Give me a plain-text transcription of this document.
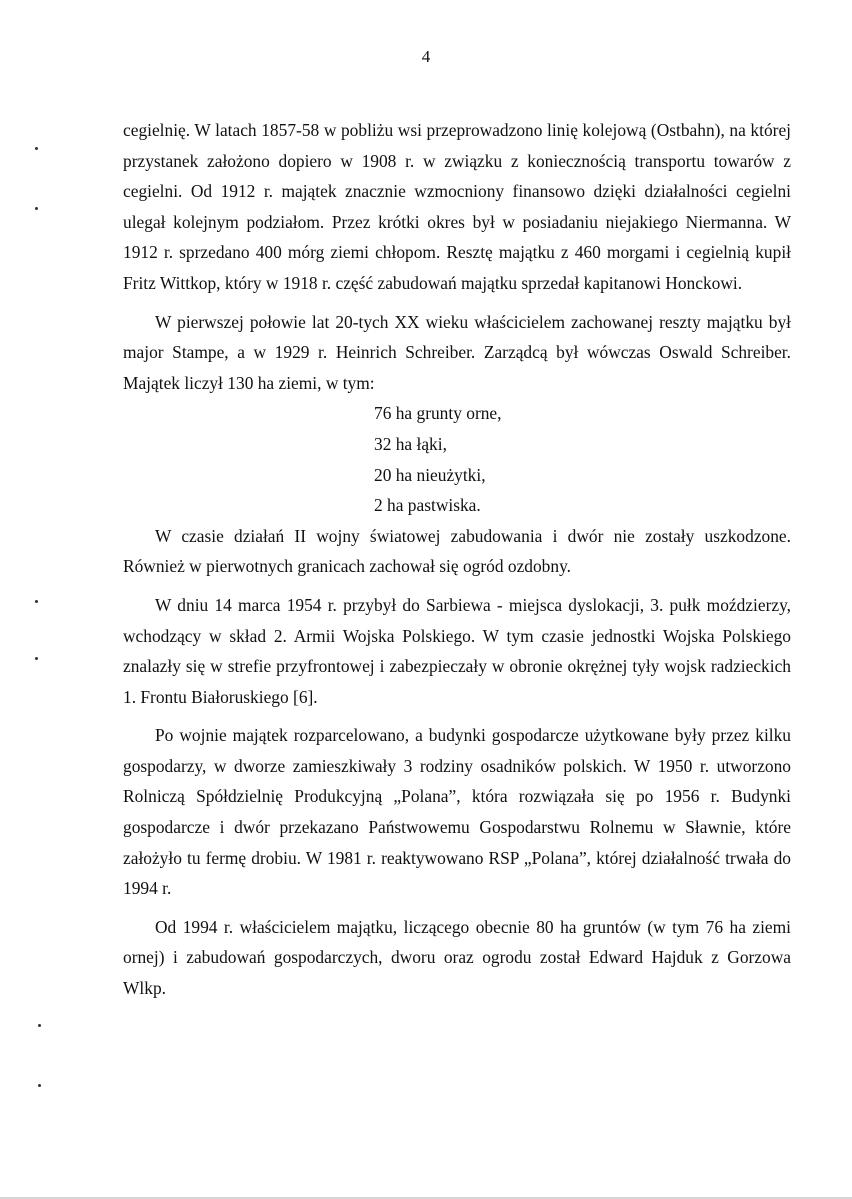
4

cegielnię. W latach 1857-58 w pobliżu wsi przeprowadzono linię kolejową (Ostbahn), na której przystanek założono dopiero w 1908 r. w związku z koniecznością transportu towarów z cegielni. Od 1912 r. majątek znacznie wzmocniony finansowo dzięki działalności cegielni ulegał kolejnym podziałom. Przez krótki okres był w posiadaniu niejakiego Niermanna. W 1912 r. sprzedano 400 mórg ziemi chłopom. Resztę majątku z 460 morgami i cegielnią kupił Fritz Wittkop, który w 1918 r. część zabudowań majątku sprzedał kapitanowi Honckowi.

W pierwszej połowie lat 20-tych XX wieku właścicielem zachowanej reszty majątku był major Stampe, a w 1929 r. Heinrich Schreiber. Zarządcą był wówczas Oswald Schreiber. Majątek liczył 130 ha ziemi, w tym:

76 ha grunty orne,
32 ha łąki,
20 ha nieużytki,
2 ha pastwiska.

W czasie działań II wojny światowej zabudowania i dwór nie zostały uszkodzone. Również w pierwotnych granicach zachował się ogród ozdobny.

W dniu 14 marca 1954 r. przybył do Sarbiewa - miejsca dyslokacji, 3. pułk moździerzy, wchodzący w skład 2. Armii Wojska Polskiego. W tym czasie jednostki Wojska Polskiego znalazły się w strefie przyfrontowej i zabezpieczały w obronie okrężnej tyły wojsk radzieckich 1. Frontu Białoruskiego [6].

Po wojnie majątek rozparcelowano, a budynki gospodarcze użytkowane były przez kilku gospodarzy, w dworze zamieszkiwały 3 rodziny osadników polskich. W 1950 r. utworzono Rolniczą Spółdzielnię Produkcyjną „Polana”, która rozwiązała się po 1956 r. Budynki gospodarcze i dwór przekazano Państwowemu Gospodarstwu Rolnemu w Sławnie, które założyło tu fermę drobiu. W 1981 r. reaktywowano RSP „Polana”, której działalność trwała do 1994 r.

Od 1994 r. właścicielem majątku, liczącego obecnie 80 ha gruntów (w tym 76 ha ziemi ornej) i zabudowań gospodarczych, dworu oraz ogrodu został Edward Hajduk z Gorzowa Wlkp.
